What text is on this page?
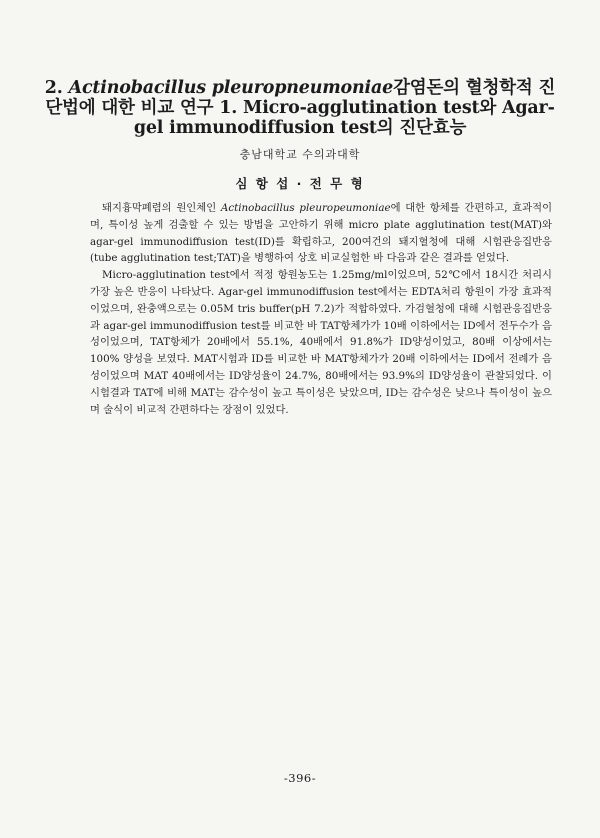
2. Actinobacillus pleuropneumoniae감염돈의 혈청학적 진단법에 대한 비교 연구 1. Micro-agglutination test와 Agar-gel immunodiffusion test의 진단효능
충남대학교 수의과대학
심 항 섭 · 전 무 형

돼지흉막폐렴의 원인체인 Actinobacillus pleuropeumoniae에 대한 항체를 간편하고, 효과적이며, 특이성 높게 검출할 수 있는 방법을 고안하기 위해 micro plate agglutination test(MAT)와 agar-gel immunodiffusion test(ID)를 확립하고, 200여건의 돼지혈청에 대해 시험관응집반응(tube agglutination test;TAT)을 병행하여 상호 비교실험한 바 다음과 같은 결과를 얻었다.

Micro-agglutination test에서 적정 항원농도는 1.25mg/ml이었으며, 52℃에서 18시간 처리시 가장 높은 반응이 나타났다. Agar-gel immunodiffusion test에서는 EDTA처리 항원이 가장 효과적이었으며, 완충액으로는 0.05M tris buffer(pH 7.2)가 적합하였다. 가검혈청에 대해 시험관응집반응과 agar-gel immunodiffusion test를 비교한 바 TAT항체가가 10배 이하에서는 ID에서 전두수가 음성이었으며, TAT항체가 20배에서 55.1%, 40배에서 91.8%가 ID양성이었고, 80배 이상에서는 100% 양성을 보였다. MAT시험과 ID를 비교한 바 MAT항체가가 20배 이하에서는 ID에서 전례가 음성이었으며 MAT 40배에서는 ID양성율이 24.7%, 80배에서는 93.9%의 ID양성율이 관찰되었다. 이 시험결과 TAT에 비해 MAT는 감수성이 높고 특이성은 낮았으며, ID는 감수성은 낮으나 특이성이 높으며 술식이 비교적 간편하다는 장점이 있었다.

-396-
